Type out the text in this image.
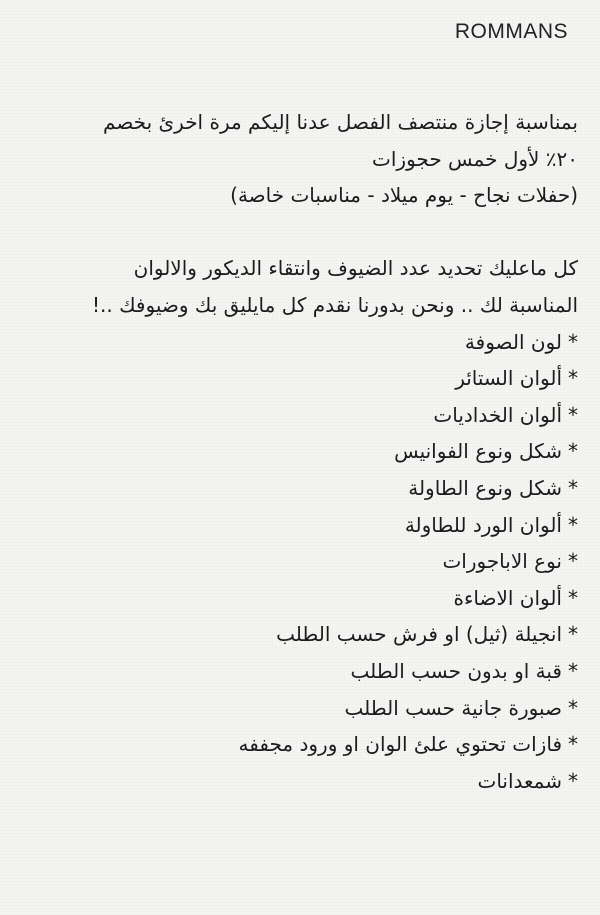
ROMMANS
بمناسبة إجازة منتصف الفصل عدنا إليكم مرة اخرئ بخصم
٢٠٪ لأول خمس حجوزات
(حفلات نجاح - يوم ميلاد - مناسبات خاصة)
كل ماعليك تحديد عدد الضيوف وانتقاء الديكور والالوان
المناسبة لك .. ونحن بدورنا نقدم كل مايليق بك وضيوفك ..!
*لون الصوفة
*ألوان الستائر
*ألوان الخداديات
*شكل ونوع الفوانيس
*شكل ونوع الطاولة
*ألوان الورد للطاولة
*نوع الاباجورات
*ألوان الاضاءة
*انجيلة (ثيل) او فرش حسب الطلب
*قبة او بدون حسب الطلب
*صبورة جانية حسب الطلب
*فازات تحتوي علئ الوان او ورود مجففه
*شمعدانات
